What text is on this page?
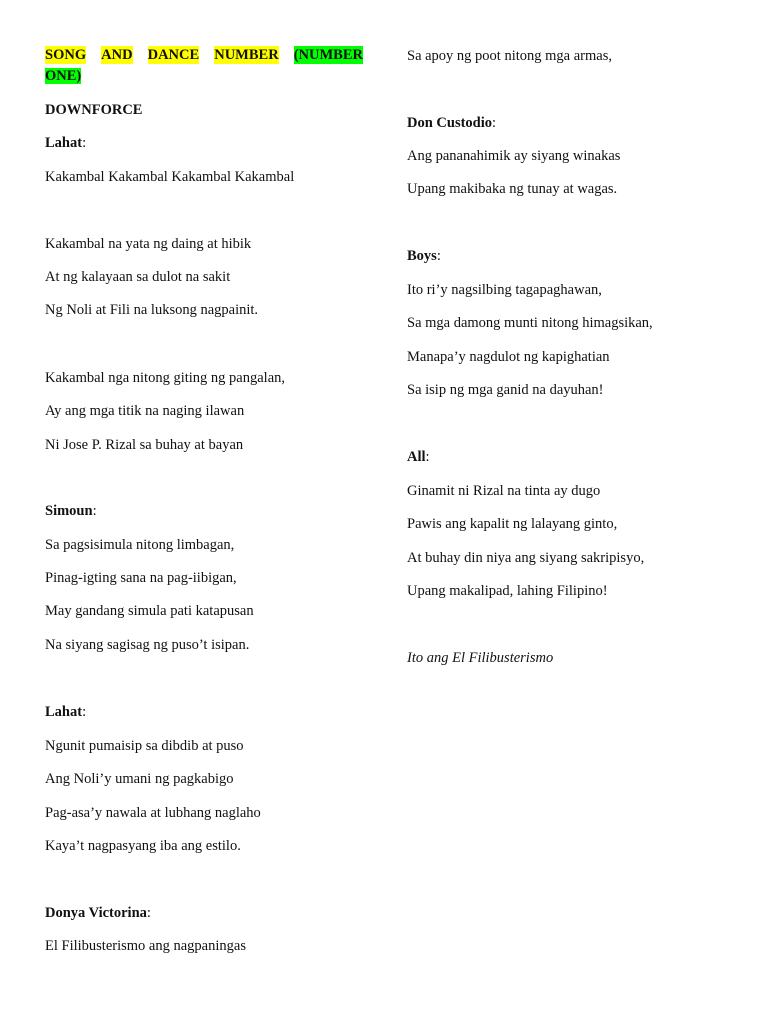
SONG AND DANCE NUMBER (NUMBER
ONE)
DOWNFORCE
Lahat:
Kakambal Kakambal Kakambal Kakambal
Kakambal na yata ng daing at hibik
At ng kalayaan sa dulot na sakit
Ng Noli at Fili na luksong nagpainit.
Kakambal nga nitong giting ng pangalan,
Ay ang mga titik na naging ilawan
Ni Jose P. Rizal sa buhay at bayan
Simoun:
Sa pagsisimula nitong limbagan,
Pinag-igting sana na pag-iibigan,
May gandang simula pati katapusan
Na siyang sagisag ng puso’t isipan.
Lahat:
Ngunit pumaisip sa dibdib at puso
Ang Noli’y umani ng pagkabigo
Pag-asa’y nawala at lubhang naglaho
Kaya’t nagpasyang iba ang estilo.
Donya Victorina:
El Filibusterismo ang nagpaningas
Sa apoy ng poot nitong mga armas,
Don Custodio:
Ang pananahimik ay siyang winakas
Upang makibaka ng tunay at wagas.
Boys:
Ito ri’y nagsilbing tagapaghawan,
Sa mga damong munti nitong himagsikan,
Manapa’y nagdulot ng kapighatian
Sa isip ng mga ganid na dayuhan!
All:
Ginamit ni Rizal na tinta ay dugo
Pawis ang kapalit ng lalayang ginto,
At buhay din niya ang siyang sakripisyo,
Upang makalipad, lahing Filipino!
Ito ang El Filibusterismo
